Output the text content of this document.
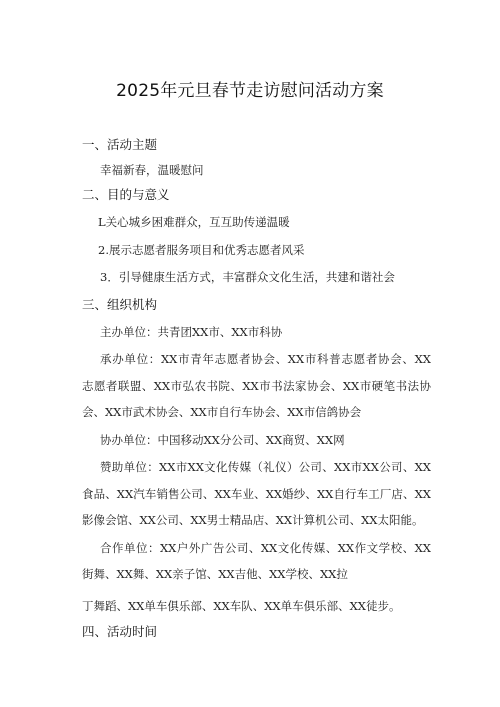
2025年元旦春节走访慰问活动方案
一、活动主题
幸福新春，温暖慰问
二、目的与意义
L关心城乡困难群众，互互助传递温暖
2.展示志愿者服务项目和优秀志愿者风采
3．引导健康生活方式，丰富群众文化生活，共建和谐社会
三、组织机构
主办单位：共青团XX市、XX市科协
承办单位：XX市青年志愿者协会、XX市科普志愿者协会、XX
志愿者联盟、XX市弘农书院、XX市书法家协会、XX市硬笔书法协
会、XX市武术协会、XX市自行车协会、XX市信鸽协会
协办单位：中国移动XX分公司、XX商贸、XX网
赞助单位：XX市XX文化传媒（礼仪）公司、XX市XX公司、XX
食品、XX汽车销售公司、XX车业、XX婚纱、XX自行车工厂店、XX
影像会馆、XX公司、XX男士精品店、XX计算机公司、XX太阳能。
合作单位：XX户外广告公司、XX文化传媒、XX作文学校、XX
街舞、XX舞、XX亲子馆、XX吉他、XX学校、XX拉
丁舞蹈、XX单车俱乐部、XX车队、XX单车俱乐部、XX徒步。
四、活动时间
